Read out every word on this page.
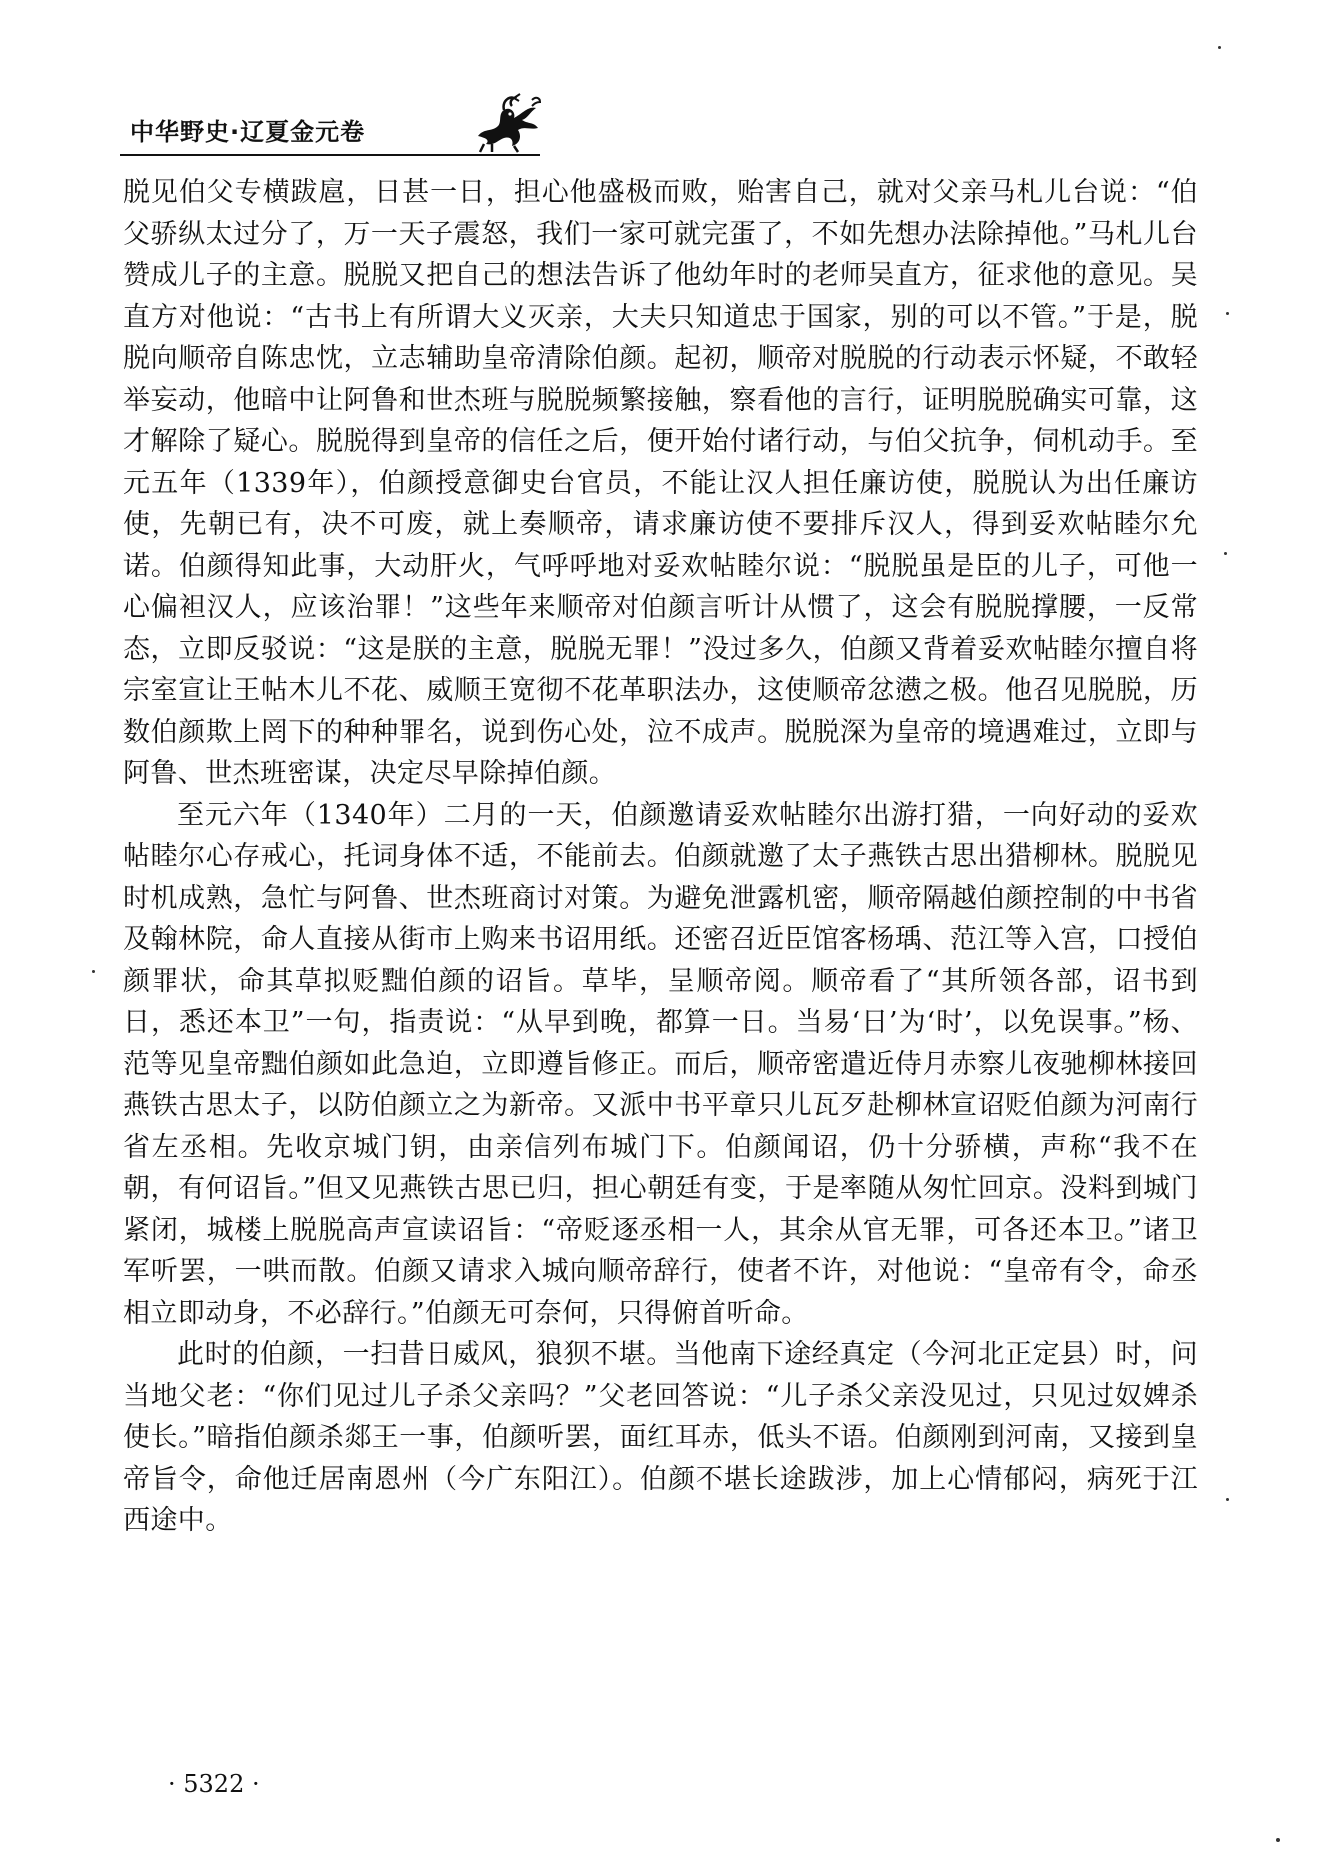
中华野史·辽夏金元卷

脱见伯父专横跋扈，日甚一日，担心他盛极而败，贻害自己，就对父亲马札儿台说：“伯父骄纵太过分了，万一天子震怒，我们一家可就完蛋了，不如先想办法除掉他。”马札儿台赞成儿子的主意。脱脱又把自己的想法告诉了他幼年时的老师吴直方，征求他的意见。吴直方对他说：“古书上有所谓大义灭亲，大夫只知道忠于国家，别的可以不管。”于是，脱脱向顺帝自陈忠忱，立志辅助皇帝清除伯颜。起初，顺帝对脱脱的行动表示怀疑，不敢轻举妄动，他暗中让阿鲁和世杰班与脱脱频繁接触，察看他的言行，证明脱脱确实可靠，这才解除了疑心。脱脱得到皇帝的信任之后，便开始付诸行动，与伯父抗争，伺机动手。至元五年（1339年），伯颜授意御史台官员，不能让汉人担任廉访使，脱脱认为出任廉访使，先朝已有，决不可废，就上奏顺帝，请求廉访使不要排斥汉人，得到妥欢帖睦尔允诺。伯颜得知此事，大动肝火，气呼呼地对妥欢帖睦尔说：“脱脱虽是臣的儿子，可他一心偏袒汉人，应该治罪！”这些年来顺帝对伯颜言听计从惯了，这会有脱脱撑腰，一反常态，立即反驳说：“这是朕的主意，脱脱无罪！”没过多久，伯颜又背着妥欢帖睦尔擅自将宗室宣让王帖木儿不花、威顺王宽彻不花革职法办，这使顺帝忿懑之极。他召见脱脱，历数伯颜欺上罔下的种种罪名，说到伤心处，泣不成声。脱脱深为皇帝的境遇难过，立即与阿鲁、世杰班密谋，决定尽早除掉伯颜。

至元六年（1340年）二月的一天，伯颜邀请妥欢帖睦尔出游打猎，一向好动的妥欢帖睦尔心存戒心，托词身体不适，不能前去。伯颜就邀了太子燕铁古思出猎柳林。脱脱见时机成熟，急忙与阿鲁、世杰班商讨对策。为避免泄露机密，顺帝隔越伯颜控制的中书省及翰林院，命人直接从街市上购来书诏用纸。还密召近臣馆客杨瑀、范江等入宫，口授伯颜罪状，命其草拟贬黜伯颜的诏旨。草毕，呈顺帝阅。顺帝看了“其所领各部，诏书到日，悉还本卫”一句，指责说：“从早到晚，都算一日。当易‘日’为‘时’，以免误事。”杨、范等见皇帝黜伯颜如此急迫，立即遵旨修正。而后，顺帝密遣近侍月赤察儿夜驰柳林接回燕铁古思太子，以防伯颜立之为新帝。又派中书平章只儿瓦歹赴柳林宣诏贬伯颜为河南行省左丞相。先收京城门钥，由亲信列布城门下。伯颜闻诏，仍十分骄横，声称“我不在朝，有何诏旨。”但又见燕铁古思已归，担心朝廷有变，于是率随从匆忙回京。没料到城门紧闭，城楼上脱脱高声宣读诏旨：“帝贬逐丞相一人，其余从官无罪，可各还本卫。”诸卫军听罢，一哄而散。伯颜又请求入城向顺帝辞行，使者不许，对他说：“皇帝有令，命丞相立即动身，不必辞行。”伯颜无可奈何，只得俯首听命。

此时的伯颜，一扫昔日威风，狼狈不堪。当他南下途经真定（今河北正定县）时，问当地父老：“你们见过儿子杀父亲吗？”父老回答说：“儿子杀父亲没见过，只见过奴婢杀使长。”暗指伯颜杀郯王一事，伯颜听罢，面红耳赤，低头不语。伯颜刚到河南，又接到皇帝旨令，命他迁居南恩州（今广东阳江）。伯颜不堪长途跋涉，加上心情郁闷，病死于江西途中。

· 5322 ·
